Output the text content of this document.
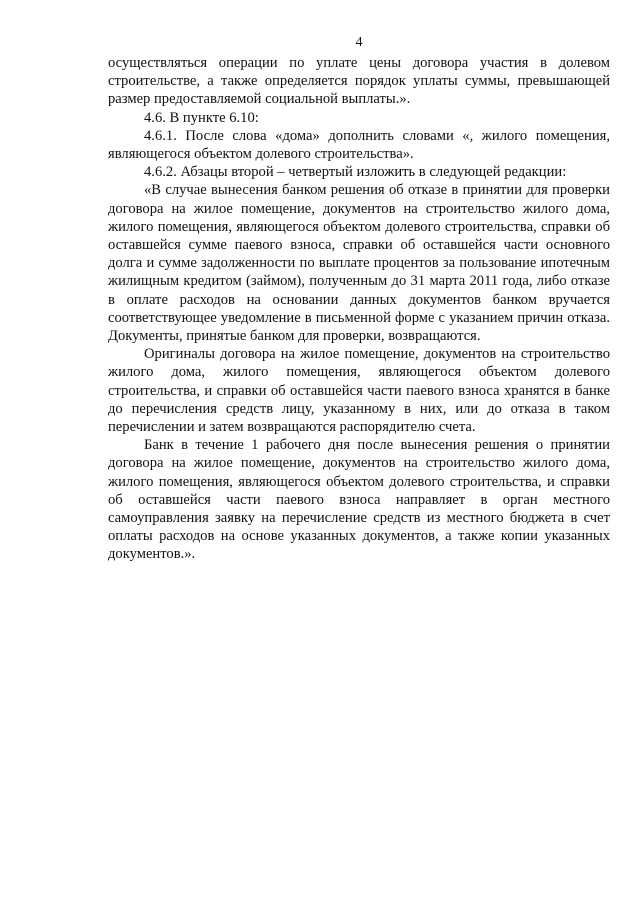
4

осуществляться операции по уплате цены договора участия в долевом строительстве, а также определяется порядок уплаты суммы, превышающей размер предоставляемой социальной выплаты.».

4.6. В пункте 6.10:

4.6.1. После слова «дома» дополнить словами «, жилого помещения, являющегося объектом долевого строительства».

4.6.2. Абзацы второй – четвертый изложить в следующей редакции:

«В случае вынесения банком решения об отказе в принятии для проверки договора на жилое помещение, документов на строительство жилого дома, жилого помещения, являющегося объектом долевого строительства, справки об оставшейся сумме паевого взноса, справки об оставшейся части основного долга и сумме задолженности по выплате процентов за пользование ипотечным жилищным кредитом (займом), полученным до 31 марта 2011 года, либо отказе в оплате расходов на основании данных документов банком вручается соответствующее уведомление в письменной форме с указанием причин отказа. Документы, принятые банком для проверки, возвращаются.

Оригиналы договора на жилое помещение, документов на строительство жилого дома, жилого помещения, являющегося объектом долевого строительства, и справки об оставшейся части паевого взноса хранятся в банке до перечисления средств лицу, указанному в них, или до отказа в таком перечислении и затем возвращаются распорядителю счета.

Банк в течение 1 рабочего дня после вынесения решения о принятии договора на жилое помещение, документов на строительство жилого дома, жилого помещения, являющегося объектом долевого строительства, и справки об оставшейся части паевого взноса направляет в орган местного самоуправления заявку на перечисление средств из местного бюджета в счет оплаты расходов на основе указанных документов, а также копии указанных документов.».
